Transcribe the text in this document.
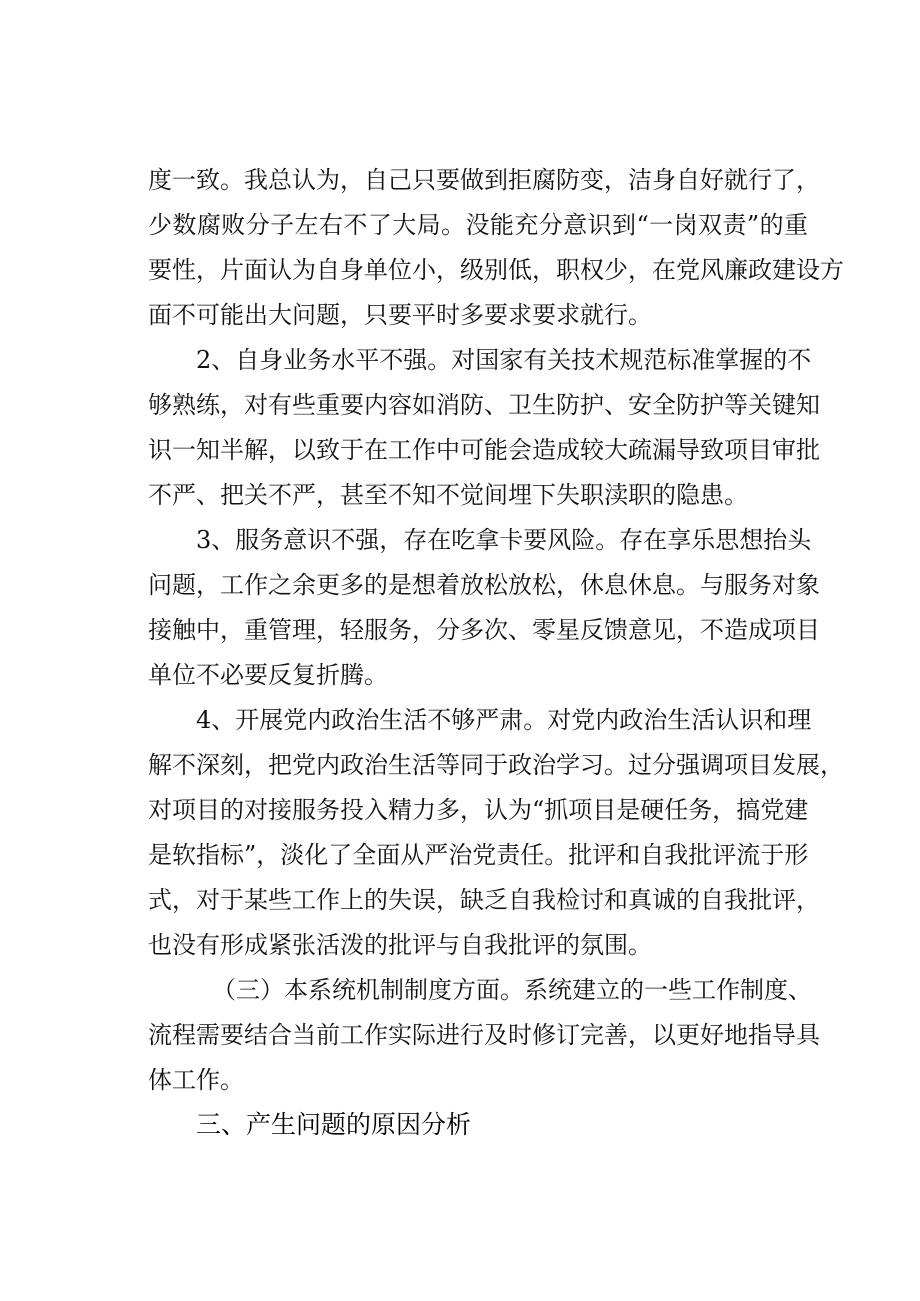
度一致。我总认为，自己只要做到拒腐防变，洁身自好就行了，
少数腐败分子左右不了大局。没能充分意识到“一岗双责”的重
要性，片面认为自身单位小，级别低，职权少，在党风廉政建设方
面不可能出大问题，只要平时多要求要求就行。
2、自身业务水平不强。对国家有关技术规范标准掌握的不
够熟练，对有些重要内容如消防、卫生防护、安全防护等关键知
识一知半解，以致于在工作中可能会造成较大疏漏导致项目审批
不严、把关不严，甚至不知不觉间埋下失职渎职的隐患。
3、服务意识不强，存在吃拿卡要风险。存在享乐思想抬头
问题，工作之余更多的是想着放松放松，休息休息。与服务对象
接触中，重管理，轻服务，分多次、零星反馈意见，不造成项目
单位不必要反复折腾。
4、开展党内政治生活不够严肃。对党内政治生活认识和理
解不深刻，把党内政治生活等同于政治学习。过分强调项目发展，
对项目的对接服务投入精力多，认为“抓项目是硬任务，搞党建
是软指标”，淡化了全面从严治党责任。批评和自我批评流于形
式，对于某些工作上的失误，缺乏自我检讨和真诚的自我批评，
也没有形成紧张活泼的批评与自我批评的氛围。
（三）本系统机制制度方面。系统建立的一些工作制度、
流程需要结合当前工作实际进行及时修订完善，以更好地指导具
体工作。
三、产生问题的原因分析
